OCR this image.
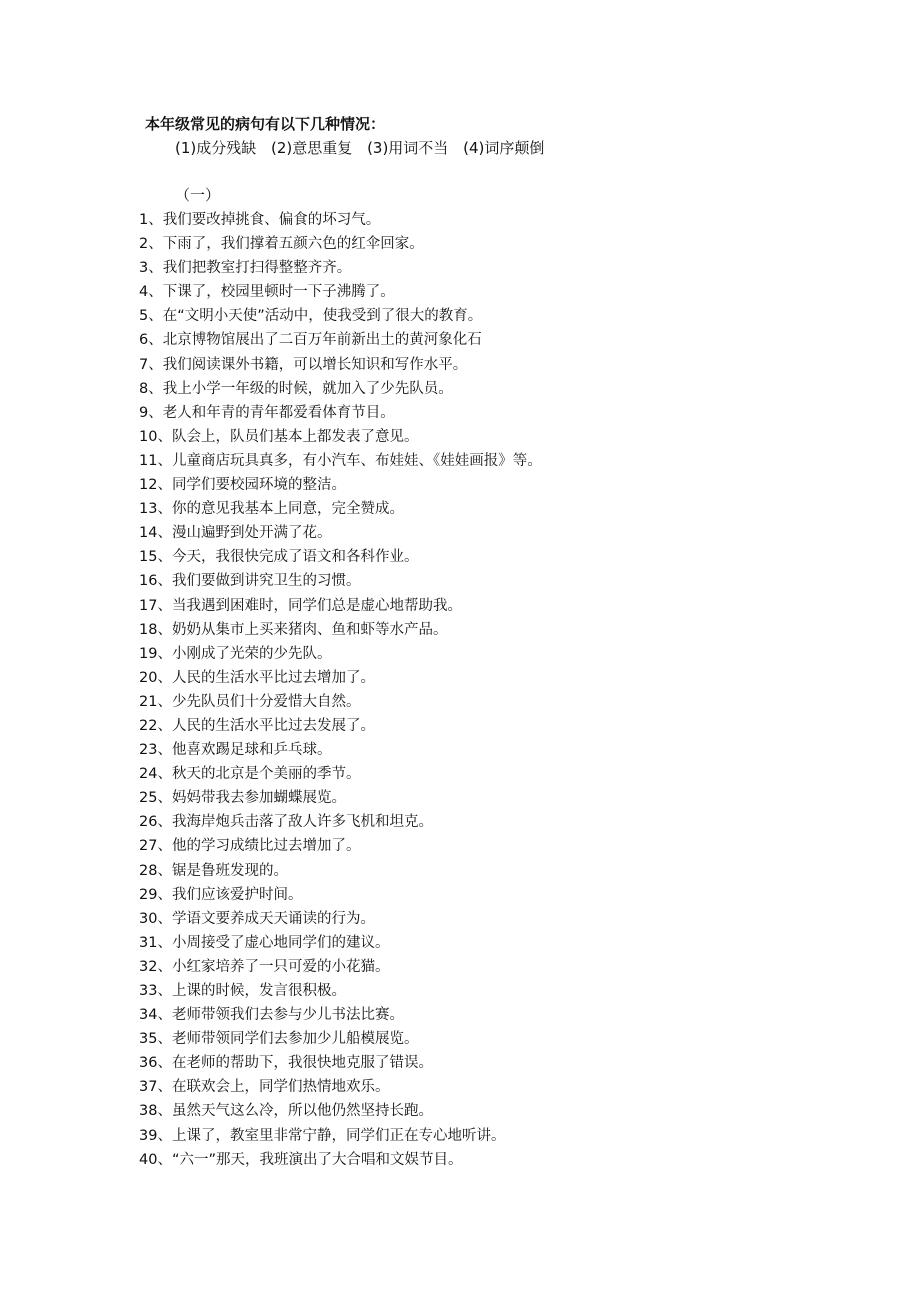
本年级常见的病句有以下几种情况：
(1)成分残缺 (2)意思重复 (3)用词不当 (4)词序颠倒
（一）
1、我们要改掉挑食、偏食的坏习气。
2、下雨了，我们撑着五颜六色的红伞回家。
3、我们把教室打扫得整整齐齐。
4、下课了，校园里顿时一下子沸腾了。
5、在“文明小天使”活动中，使我受到了很大的教育。
6、北京博物馆展出了二百万年前新出土的黄河象化石
7、我们阅读课外书籍，可以增长知识和写作水平。
8、我上小学一年级的时候，就加入了少先队员。
9、老人和年青的青年都爱看体育节目。
10、队会上，队员们基本上都发表了意见。
11、儿童商店玩具真多，有小汽车、布娃娃、《娃娃画报》等。
12、同学们要校园环境的整洁。
13、你的意见我基本上同意，完全赞成。
14、漫山遍野到处开满了花。
15、今天，我很快完成了语文和各科作业。
16、我们要做到讲究卫生的习惯。
17、当我遇到困难时，同学们总是虚心地帮助我。
18、奶奶从集市上买来猪肉、鱼和虾等水产品。
19、小刚成了光荣的少先队。
20、人民的生活水平比过去增加了。
21、少先队员们十分爱惜大自然。
22、人民的生活水平比过去发展了。
23、他喜欢踢足球和乒乓球。
24、秋天的北京是个美丽的季节。
25、妈妈带我去参加蝴蝶展览。
26、我海岸炮兵击落了敌人许多飞机和坦克。
27、他的学习成绩比过去增加了。
28、锯是鲁班发现的。
29、我们应该爱护时间。
30、学语文要养成天天诵读的行为。
31、小周接受了虚心地同学们的建议。
32、小红家培养了一只可爱的小花猫。
33、上课的时候，发言很积极。
34、老师带领我们去参与少儿书法比赛。
35、老师带领同学们去参加少儿船模展览。
36、在老师的帮助下，我很快地克服了错误。
37、在联欢会上，同学们热情地欢乐。
38、虽然天气这么冷，所以他仍然坚持长跑。
39、上课了，教室里非常宁静，同学们正在专心地听讲。
40、“六一”那天，我班演出了大合唱和文娱节目。
